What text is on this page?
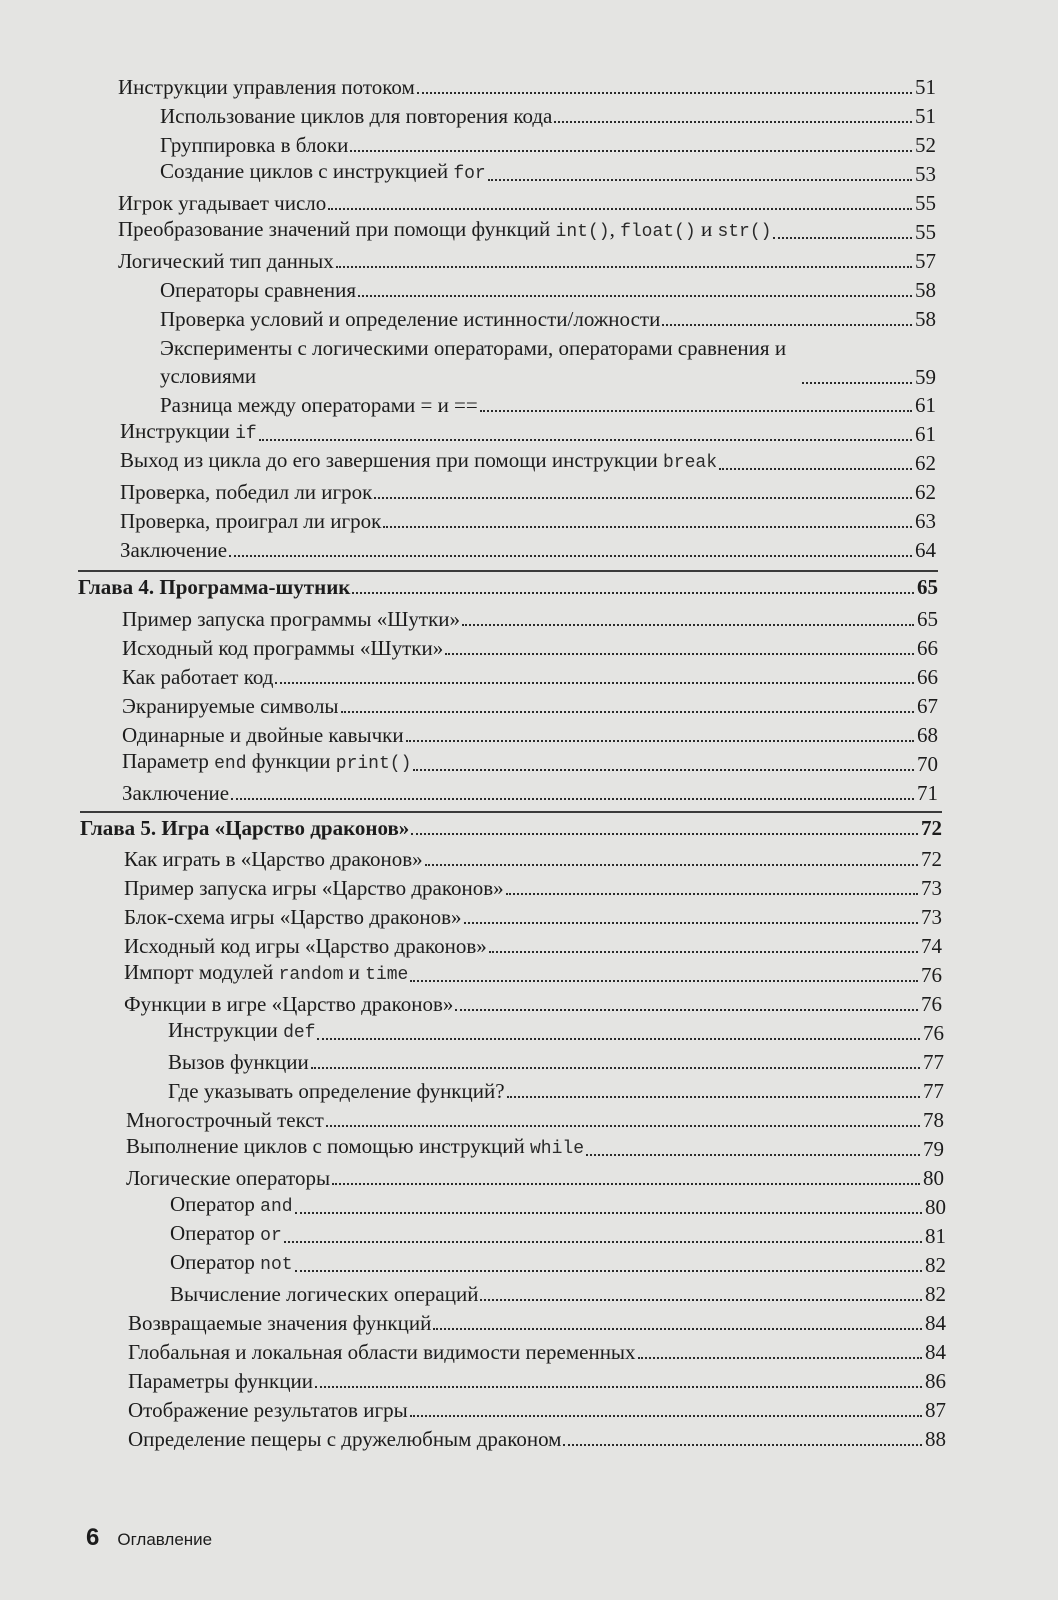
Инструкции управления потоком	51
Использование циклов для повторения кода	51
Группировка в блоки	52
Создание циклов с инструкцией for	53
Игрок угадывает число	55
Преобразование значений при помощи функций int(), float() и str()	55
Логический тип данных	57
Операторы сравнения	58
Проверка условий и определение истинности/ложности	58
Эксперименты с логическими операторами, операторами сравнения и условиями	59
Разница между операторами = и ==	61
Инструкции if	61
Выход из цикла до его завершения при помощи инструкции break	62
Проверка, победил ли игрок	62
Проверка, проиграл ли игрок	63
Заключение	64
Глава 4. Программа-шутник	65
Пример запуска программы «Шутки»	65
Исходный код программы «Шутки»	66
Как работает код	66
Экранируемые символы	67
Одинарные и двойные кавычки	68
Параметр end функции print()	70
Заключение	71
Глава 5. Игра «Царство драконов»	72
Как играть в «Царство драконов»	72
Пример запуска игры «Царство драконов»	73
Блок-схема игры «Царство драконов»	73
Исходный код игры «Царство драконов»	74
Импорт модулей random и time	76
Функции в игре «Царство драконов»	76
Инструкции def	76
Вызов функции	77
Где указывать определение функций?	77
Многострочный текст	78
Выполнение циклов с помощью инструкций while	79
Логические операторы	80
Оператор and	80
Оператор or	81
Оператор not	82
Вычисление логических операций	82
Возвращаемые значения функций	84
Глобальная и локальная области видимости переменных	84
Параметры функции	86
Отображение результатов игры	87
Определение пещеры с дружелюбным драконом	88
6 Оглавление
